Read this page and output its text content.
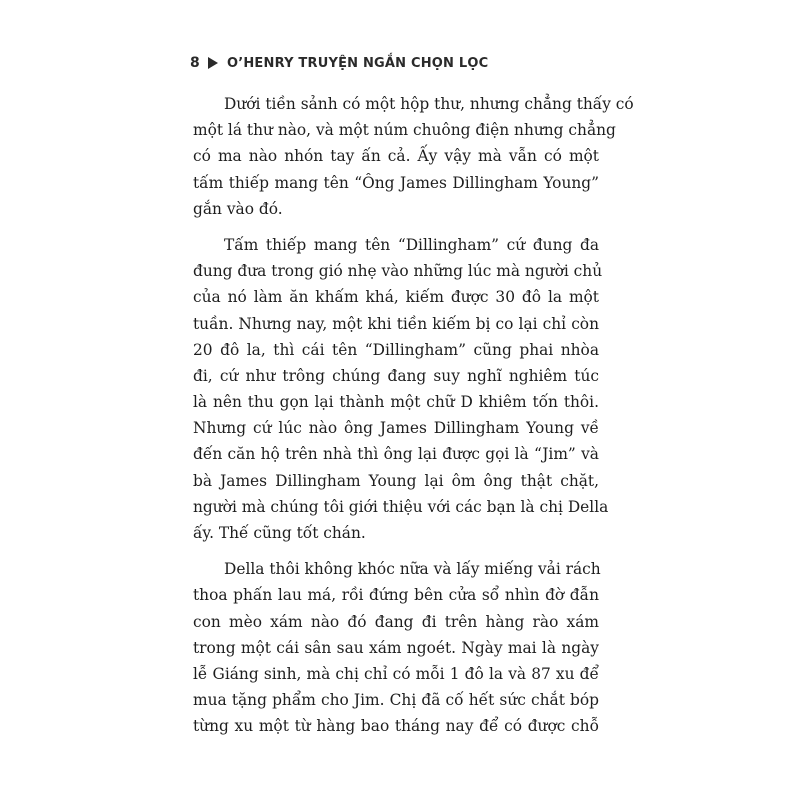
8 O’HENRY TRUYỆN NGẮN CHỌN LỌC
Dưới tiền sảnh có một hộp thư, nhưng chẳng thấy có
một lá thư nào, và một núm chuông điện nhưng chẳng
có ma nào nhón tay ấn cả. Ấy vậy mà vẫn có một
tấm thiếp mang tên “Ông James Dillingham Young”
gắn vào đó.
Tấm thiếp mang tên “Dillingham” cứ đung đa
đung đưa trong gió nhẹ vào những lúc mà người chủ
của nó làm ăn khấm khá, kiếm được 30 đô la một
tuần. Nhưng nay, một khi tiền kiếm bị co lại chỉ còn
20 đô la, thì cái tên “Dillingham” cũng phai nhòa
đi, cứ như trông chúng đang suy nghĩ nghiêm túc
là nên thu gọn lại thành một chữ D khiêm tốn thôi.
Nhưng cứ lúc nào ông James Dillingham Young về
đến căn hộ trên nhà thì ông lại được gọi là “Jim” và
bà James Dillingham Young lại ôm ông thật chặt,
người mà chúng tôi giới thiệu với các bạn là chị Della
ấy. Thế cũng tốt chán.
Della thôi không khóc nữa và lấy miếng vải rách
thoa phấn lau má, rồi đứng bên cửa sổ nhìn đờ đẫn
con mèo xám nào đó đang đi trên hàng rào xám
trong một cái sân sau xám ngoét. Ngày mai là ngày
lễ Giáng sinh, mà chị chỉ có mỗi 1 đô la và 87 xu để
mua tặng phẩm cho Jim. Chị đã cố hết sức chắt bóp
từng xu một từ hàng bao tháng nay để có được chỗ
